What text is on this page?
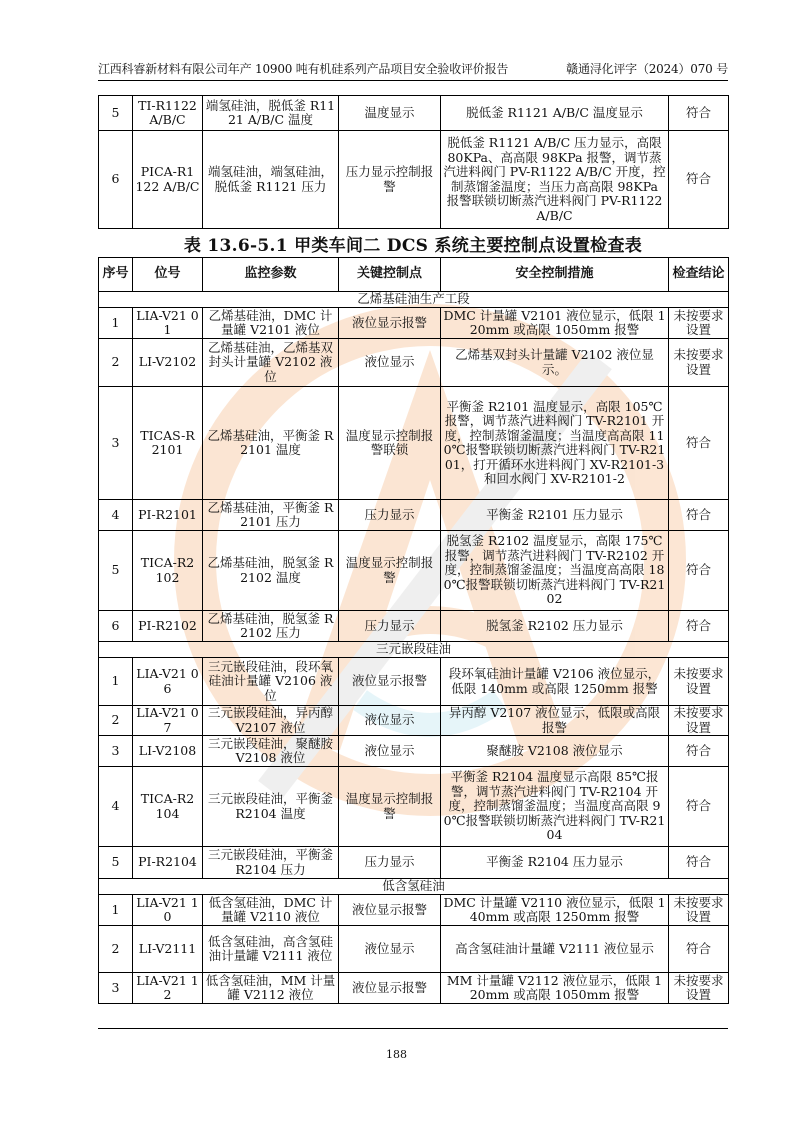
江西科睿新材料有限公司年产 10900 吨有机硅系列产品项目安全验收评价报告	赣通浔化评字（2024）070 号
5	TI-R1122 A/B/C	端氢硅油，脱低釜 R1121 A/B/C 温度	温度显示	脱低釜 R1121 A/B/C 温度显示	符合
6	PICA-R1 122 A/B/C	端氢硅油，端氢硅油，脱低釜 R1121 压力	压力显示控制报警	脱低釜 R1121 A/B/C 压力显示，高限 80KPa、高高限 98KPa 报警，调节蒸汽进料阀门 PV-R1122 A/B/C 开度，控制蒸馏釜温度；当压力高高限 98KPa 报警联锁切断蒸汽进料阀门 PV-R1122A/B/C	符合
表 13.6-5.1 甲类车间二 DCS 系统主要控制点设置检查表
序号	位号	监控参数	关键控制点	安全控制措施	检查结论
乙烯基硅油生产工段					
1	LIA-V21 01	乙烯基硅油，DMC 计量罐 V2101 液位	液位显示报警	DMC 计量罐 V2101 液位显示，低限 120mm 或高限 1050mm 报警	未按要求设置
2	LI-V2102	乙烯基硅油，乙烯基双封头计量罐 V2102 液位	液位显示	乙烯基双封头计量罐 V2102 液位显示。	未按要求设置
3	TICAS-R 2101	乙烯基硅油，平衡釜 R2101 温度	温度显示控制报警联锁	平衡釜 R2101 温度显示，高限 105℃报警，调节蒸汽进料阀门 TV-R2101 开度，控制蒸馏釜温度；当温度高高限 110℃报警联锁切断蒸汽进料阀门 TV-R2101，打开循环水进料阀门 XV-R2101-3 和回水阀门 XV-R2101-2	符合
4	PI-R2101	乙烯基硅油，平衡釜 R2101 压力	压力显示	平衡釜 R2101 压力显示	符合
5	TICA-R2 102	乙烯基硅油，脱氢釜 R2102 温度	温度显示控制报警	脱氢釜 R2102 温度显示，高限 175℃报警，调节蒸汽进料阀门 TV-R2102 开度，控制蒸馏釜温度；当温度高高限 180℃报警联锁切断蒸汽进料阀门 TV-R2102	符合
6	PI-R2102	乙烯基硅油，脱氢釜 R2102 压力	压力显示	脱氢釜 R2102 压力显示	符合
三元嵌段硅油					
1	LIA-V21 06	三元嵌段硅油，段环氧硅油计量罐 V2106 液位	液位显示报警	段环氧硅油计量罐 V2106 液位显示，低限 140mm 或高限 1250mm 报警	未按要求设置
2	LIA-V21 07	三元嵌段硅油，异丙醇 V2107 液位	液位显示	异丙醇 V2107 液位显示，低限或高限报警	未按要求设置
3	LI-V2108	三元嵌段硅油，聚醚胺 V2108 液位	液位显示	聚醚胺 V2108 液位显示	符合
4	TICA-R2 104	三元嵌段硅油，平衡釜 R2104 温度	温度显示控制报警	平衡釜 R2104 温度显示高限 85℃报警，调节蒸汽进料阀门 TV-R2104 开度，控制蒸馏釜温度；当温度高高限 90℃报警联锁切断蒸汽进料阀门 TV-R2104	符合
5	PI-R2104	三元嵌段硅油，平衡釜 R2104 压力	压力显示	平衡釜 R2104 压力显示	符合
低含氢硅油					
1	LIA-V21 10	低含氢硅油，DMC 计量罐 V2110 液位	液位显示报警	DMC 计量罐 V2110 液位显示，低限 140mm 或高限 1250mm 报警	未按要求设置
2	LI-V2111	低含氢硅油，高含氢硅油计量罐 V2111 液位	液位显示	高含氢硅油计量罐 V2111 液位显示	符合
3	LIA-V21 12	低含氢硅油，MM 计量罐 V2112 液位	液位显示报警	MM 计量罐 V2112 液位显示，低限 120mm 或高限 1050mm 报警	未按要求设置
188
